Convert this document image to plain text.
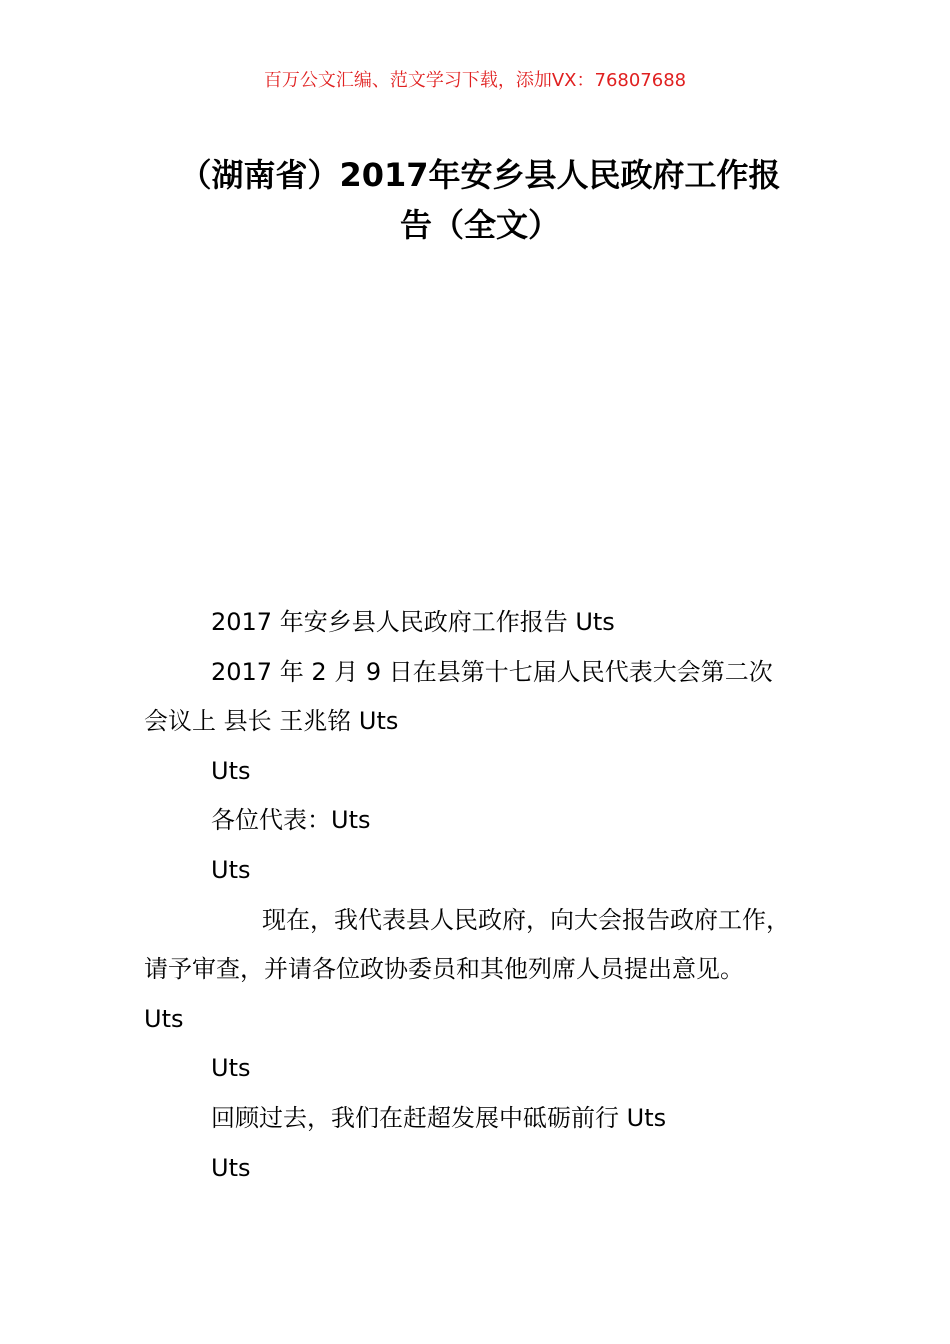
百万公文汇编、范文学习下载，添加VX：76807688
（湖南省）2017年安乡县人民政府工作报
告（全文）

2017 年安乡县人民政府工作报告 Uts

2017 年 2 月 9 日在县第十七届人民代表大会第二次

会议上 县长 王兆铭 Uts

Uts

各位代表：Uts

Uts

现在，我代表县人民政府，向大会报告政府工作，

请予审查，并请各位政协委员和其他列席人员提出意见。

Uts

Uts

回顾过去，我们在赶超发展中砥砺前行 Uts

Uts
